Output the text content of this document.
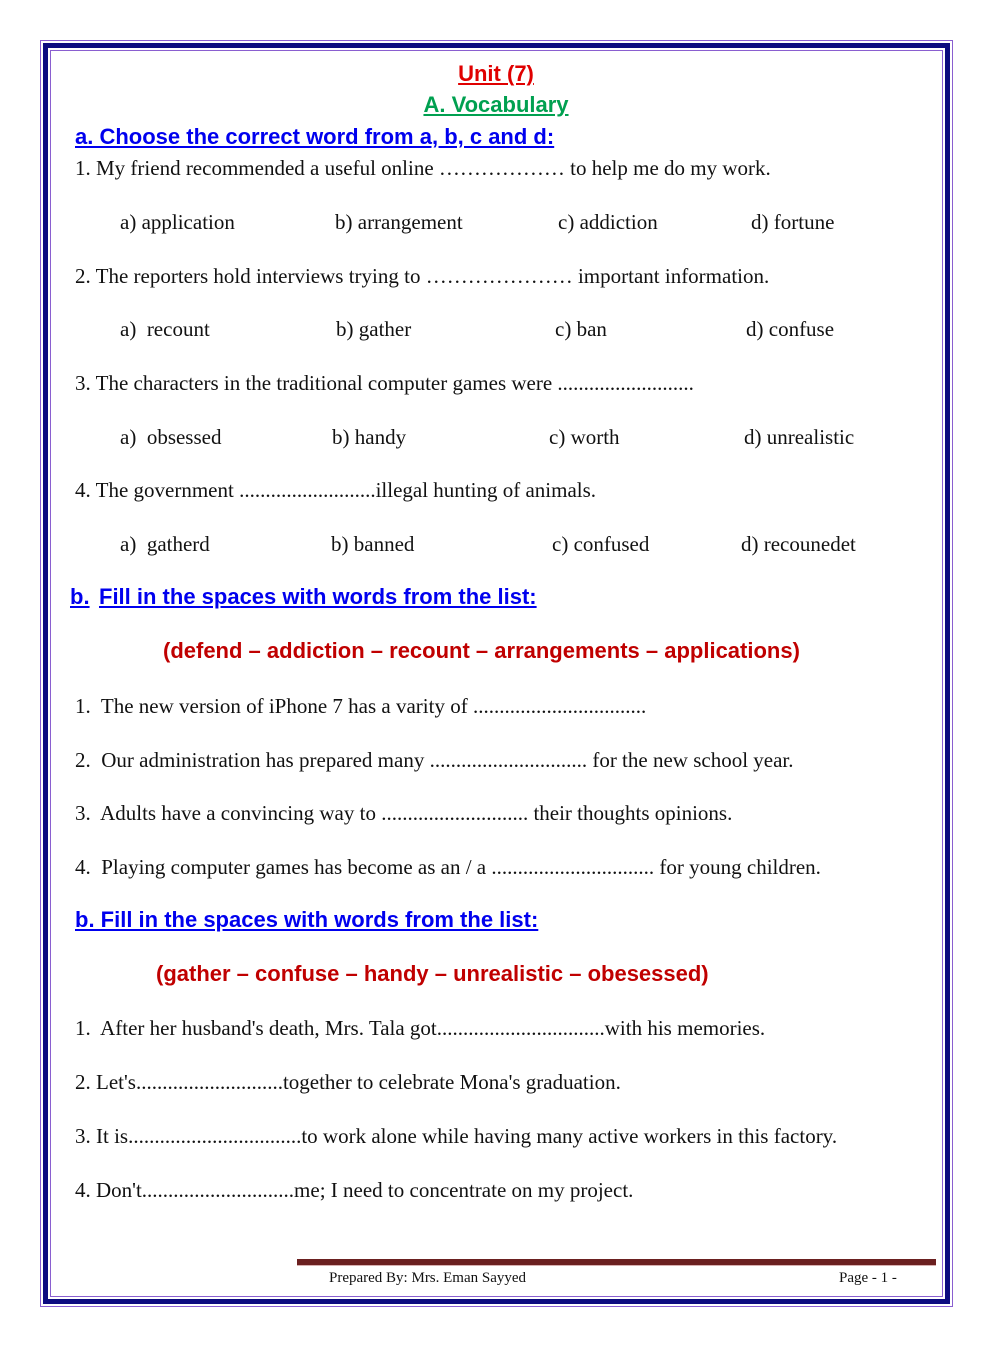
Unit (7)
A. Vocabulary
a. Choose the correct word from a, b, c and d:
1. My friend recommended a useful online ……………… to help me do my work.
a) application	b) arrangement	c) addiction	d) fortune
2. The reporters hold interviews trying to ………………… important information.
a)  recount	b) gather	c) ban	d) confuse
3. The characters in the traditional computer games were ..........................
a)  obsessed	b) handy	c) worth	d) unrealistic
4. The government ..........................illegal hunting of animals.
a)  gatherd	b) banned	c) confused	d) recounedet
b. Fill in the spaces with words from the list:
(defend – addiction – recount – arrangements – applications)
1.  The new version of iPhone 7 has a varity of .................................
2.  Our administration has prepared many .............................. for the new school year.
3.  Adults have a convincing way to ............................ their thoughts opinions.
4.  Playing computer games has become as an / a ............................... for young children.
b. Fill in the spaces with words from the list:
(gather – confuse – handy – unrealistic – obesessed)
1.  After her husband's death, Mrs. Tala got................................with his memories.
2. Let's............................together to celebrate Mona's graduation.
3. It is.................................to work alone while having many active workers in this factory.
4. Don't.............................me; I need to concentrate on my project.
Prepared By: Mrs. Eman Sayyed	Page - 1 -
